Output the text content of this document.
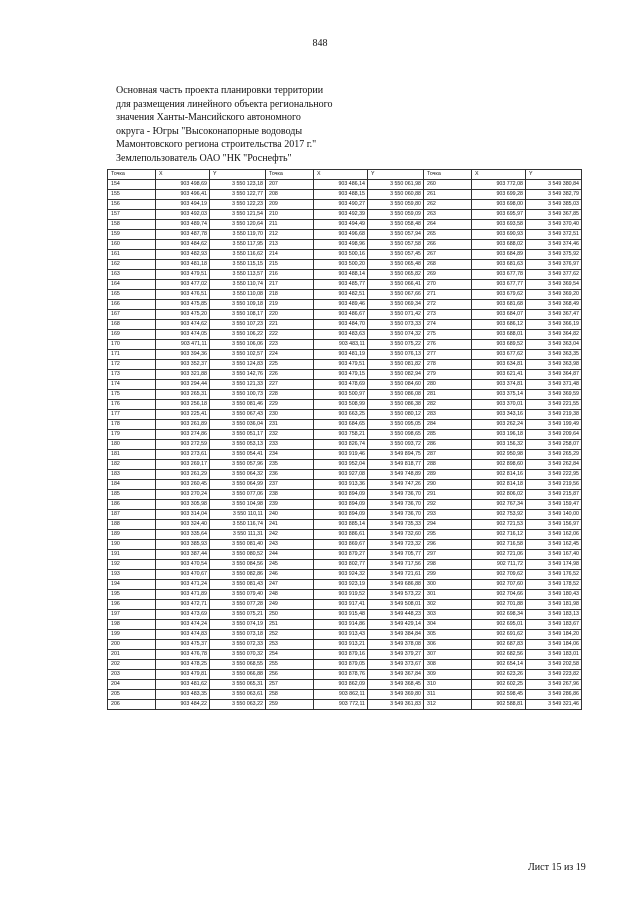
848
Основная часть проекта планировки территории
для размещения линейного объекта регионального
значения Ханты-Мансийского автономного
округа - Югры "Высоконапорные водоводы
Мамонтовского региона строительства 2017 г."
Землепользователь ОАО "НК "Роснефть"
Точка	X	Y	Точка	X	Y	Точка	X	Y
154	903 498,69	3 550 123,18	207	903 486,14	3 550 061,98	260	903 772,08	3 549 380,84
155	903 496,41	3 550 122,77	208	903 488,15	3 550 060,88	261	903 699,28	3 549 382,79
156	903 494,19	3 550 122,23	209	903 490,27	3 550 059,80	262	903 698,00	3 549 385,03
157	903 492,03	3 550 121,54	210	903 492,39	3 550 059,09	263	903 695,97	3 549 367,85
158	903 489,74	3 550 120,64	211	903 494,49	3 550 058,48	264	903 693,58	3 549 370,40
159	903 487,78	3 550 119,70	212	903 496,68	3 550 057,94	265	903 690,93	3 549 372,51
160	903 484,62	3 550 117,95	213	903 498,96	3 550 057,58	266	903 688,02	3 549 374,46
161	903 482,93	3 550 116,62	214	903 500,16	3 550 057,45	267	903 684,89	3 549 375,92
162	903 481,18	3 550 115,15	215	903 500,20	3 550 065,48	268	903 681,63	3 549 376,97
163	903 479,51	3 550 113,57	216	903 488,14	3 550 065,82	269	903 677,78	3 549 377,62
164	903 477,02	3 550 110,74	217	903 485,77	3 550 066,41	270	903 677,77	3 549 369,54
165	903 476,51	3 550 110,08	218	903 482,51	3 550 067,66	271	903 679,62	3 549 369,20
166	903 475,85	3 550 109,18	219	903 489,46	3 550 069,34	272	903 681,68	3 549 368,49
167	903 475,20	3 550 108,17	220	903 486,67	3 550 071,42	273	903 684,07	3 549 367,47
168	903 474,62	3 550 107,23	221	903 484,70	3 550 073,33	274	903 686,12	3 549 366,19
169	903 474,05	3 550 106,22	222	903 483,63	3 550 074,32	275	903 688,01	3 549 364,82
170	903 471,11	3 550 106,06	223	903 483,11	3 550 075,22	276	903 689,52	3 549 363,04
171	903 394,36	3 550 102,57	224	903 481,19	3 550 076,13	277	903 677,62	3 549 363,35
172	903 352,37	3 550 124,83	225	903 479,51	3 550 081,82	278	903 634,81	3 549 363,98
173	903 321,88	3 550 142,76	226	903 479,15	3 550 082,94	279	903 621,41	3 549 364,87
174	903 294,44	3 550 121,33	227	903 478,69	3 550 084,60	280	903 374,81	3 549 371,48
175	903 265,31	3 550 100,73	228	903 500,97	3 550 086,08	281	903 375,14	3 549 369,59
176	903 256,18	3 550 081,46	229	903 508,99	3 550 086,38	282	903 370,01	3 549 221,55
177	903 225,41	3 550 067,43	230	903 663,25	3 550 080,12	283	903 343,16	3 549 219,38
178	903 261,89	3 550 036,04	231	903 684,65	3 550 095,05	284	903 262,24	3 549 199,49
179	903 274,86	3 550 051,17	232	903 758,21	3 550 098,65	285	903 196,18	3 549 209,64
180	903 272,59	3 550 053,13	233	903 826,74	3 550 093,72	286	903 156,32	3 549 258,07
181	903 273,61	3 550 054,41	234	903 919,46	3 549 894,75	287	902 950,98	3 549 265,29
182	903 269,17	3 550 057,96	235	903 952,04	3 549 818,77	288	902 898,60	3 549 262,84
183	903 261,29	3 550 064,32	236	903 927,08	3 549 748,89	289	902 814,16	3 549 222,95
184	903 260,45	3 550 064,99	237	903 913,36	3 549 747,26	290	902 814,18	3 549 219,56
185	903 270,24	3 550 077,06	238	903 894,09	3 549 736,70	291	902 806,02	3 549 215,87
186	903 305,98	3 550 104,98	239	903 894,09	3 549 736,70	292	902 767,34	3 549 159,47
187	903 314,04	3 550 110,11	240	903 894,09	3 549 736,70	293	902 753,92	3 549 140,00
188	903 324,40	3 550 116,74	241	903 885,14	3 549 735,33	294	902 721,53	3 549 156,97
189	903 335,64	3 550 111,31	242	903 886,61	3 549 732,60	295	902 716,12	3 549 162,06
190	903 385,93	3 550 081,40	243	903 869,67	3 549 723,32	296	902 716,58	3 549 162,45
191	903 387,44	3 550 080,52	244	903 879,27	3 549 705,77	297	902 721,06	3 549 167,40
192	903 470,54	3 550 084,56	245	903 802,77	3 549 717,56	298	902 711,72	3 549 174,98
193	903 470,67	3 550 082,86	246	903 924,32	3 549 721,61	299	902 709,62	3 549 176,52
194	903 471,24	3 550 081,43	247	903 923,19	3 549 686,88	300	902 707,60	3 549 178,52
195	903 471,89	3 550 079,40	248	903 919,52	3 549 573,22	301	902 704,66	3 549 180,43
196	903 472,71	3 550 077,28	249	903 917,41	3 549 508,01	302	902 701,88	3 549 181,98
197	903 473,69	3 550 075,21	250	903 915,48	3 549 448,23	303	902 698,34	3 549 183,13
198	903 474,24	3 550 074,19	251	903 914,86	3 549 429,14	304	902 695,01	3 549 183,67
199	903 474,83	3 550 073,18	252	903 913,43	3 549 384,84	305	902 691,62	3 549 184,20
200	903 475,37	3 550 072,33	253	903 913,21	3 549 378,08	306	902 687,83	3 549 184,06
201	903 476,78	3 550 070,32	254	903 879,16	3 549 379,27	307	902 682,56	3 549 183,01
202	903 478,25	3 550 068,55	255	903 879,05	3 549 373,67	308	902 654,14	3 549 202,58
203	903 479,81	3 550 066,88	256	903 878,76	3 549 367,84	309	902 623,26	3 549 223,82
204	903 481,62	3 550 065,31	257	903 862,09	3 549 368,45	310	902 602,25	3 549 267,96
205	903 483,35	3 550 063,61	258	903 862,11	3 549 369,80	311	902 598,45	3 549 286,86
206	903 484,22	3 550 063,22	259	903 772,11	3 549 361,83	312	902 588,81	3 549 321,46
Лист 15 из 19
